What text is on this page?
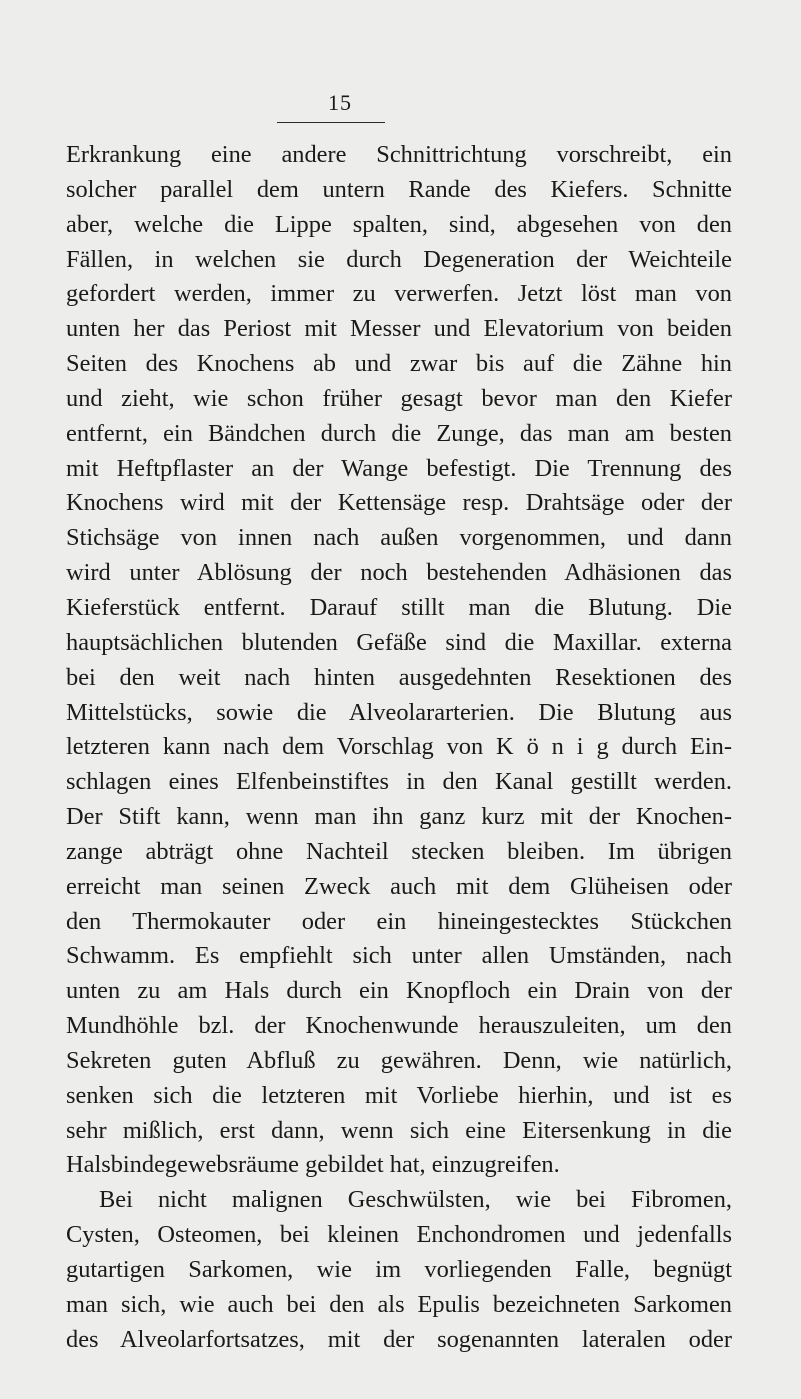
15
Erkrankung eine andere Schnittrichtung vorschreibt, ein
solcher parallel dem untern Rande des Kiefers. Schnitte
aber, welche die Lippe spalten, sind, abgesehen von den
Fällen, in welchen sie durch Degeneration der Weichteile
gefordert werden, immer zu verwerfen. Jetzt löst man von
unten her das Periost mit Messer und Elevatorium von beiden
Seiten des Knochens ab und zwar bis auf die Zähne hin
und zieht, wie schon früher gesagt bevor man den Kiefer
entfernt, ein Bändchen durch die Zunge, das man am besten
mit Heftpflaster an der Wange befestigt. Die Trennung des
Knochens wird mit der Kettensäge resp. Drahtsäge oder der
Stichsäge von innen nach außen vorgenommen, und dann
wird unter Ablösung der noch bestehenden Adhäsionen das
Kieferstück entfernt. Darauf stillt man die Blutung. Die
hauptsächlichen blutenden Gefäße sind die Maxillar. externa
bei den weit nach hinten ausgedehnten Resektionen des
Mittelstücks, sowie die Alveolararterien. Die Blutung aus
letzteren kann nach dem Vorschlag von K ö n i g durch Ein-
schlagen eines Elfenbeinstiftes in den Kanal gestillt werden.
Der Stift kann, wenn man ihn ganz kurz mit der Knochen-
zange abträgt ohne Nachteil stecken bleiben. Im übrigen
erreicht man seinen Zweck auch mit dem Glüheisen oder
den Thermokauter oder ein hineingestecktes Stückchen
Schwamm. Es empfiehlt sich unter allen Umständen, nach
unten zu am Hals durch ein Knopfloch ein Drain von der
Mundhöhle bzl. der Knochenwunde herauszuleiten, um den
Sekreten guten Abfluß zu gewähren. Denn, wie natürlich,
senken sich die letzteren mit Vorliebe hierhin, und ist es
sehr mißlich, erst dann, wenn sich eine Eitersenkung in die
Halsbindegewebsräume gebildet hat, einzugreifen.
Bei nicht malignen Geschwülsten, wie bei Fibromen,
Cysten, Osteomen, bei kleinen Enchondromen und jedenfalls
gutartigen Sarkomen, wie im vorliegenden Falle, begnügt
man sich, wie auch bei den als Epulis bezeichneten Sarkomen
des Alveolarfortsatzes, mit der sogenannten lateralen oder
